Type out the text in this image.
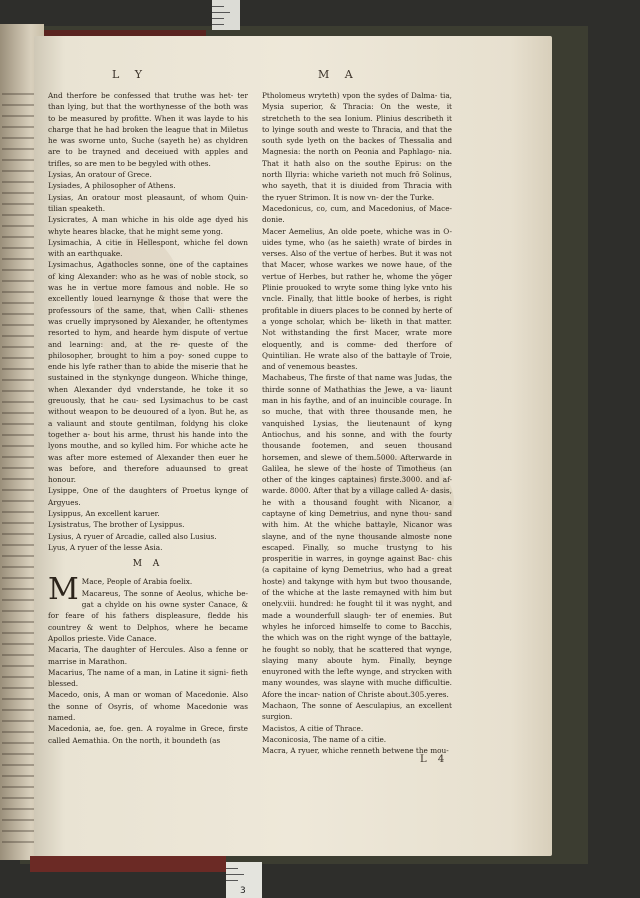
3
L Y	M A

And therfore be confessed that truthe was het- ter than lying, but that the worthynesse of the both was to be measured by profitte. When it was layde to his charge that he had broken the league that in Miletus he was sworne unto, Suche (sayeth he) as chyldren are to be trayned and deceiued with apples and trifles, so are men to be begyled with othes.

Lysias, An oratour of Grece.

Lysiades, A philosopher of Athens.

Lysias, An oratour most pleasaunt, of whom Quin- tilian speaketh.

Lysicrates, A man whiche in his olde age dyed his whyte heares blacke, that he might seme yong.

Lysimachia, A citie in Hellespont, whiche fel down with an earthquake.

Lysimachus, Agathocles sonne, one of the captaines of king Alexander: who as he was of noble stock, so was he in vertue more famous and noble. He so excellently loued learnynge & those that were the professours of the same, that, when Calli- sthenes was cruelly imprysoned by Alexander, he oftentymes resorted to hym, and hearde hym dispute of vertue and learning: and, at the re- queste of the philosopher, brought to him a poy- soned cuppe to ende his lyfe rather than to abide the miserie that he sustained in the stynkynge dungeon. Whiche thinge, when Alexander dyd vnderstande, he toke it so greuously, that he cau- sed Lysimachus to be cast without weapon to be deuoured of a lyon. But he, as a valiaunt and stoute gentilman, foldyng his cloke together a- bout his arme, thrust his hande into the lyons mouthe, and so kylled him. For whiche acte he was after more estemed of Alexander then euer he was before, and therefore aduaunsed to great honour.

Lysippe, One of the daughters of Proetus kynge of Argyues.

Lysippus, An excellent karuer.

Lysistratus, The brother of Lysippus.

Lysius, A ryuer of Arcadie, called also Lusius.

Lyus, A ryuer of the lesse Asia.

M A

M Mace, People of Arabia foelix.

Macareus, The sonne of Aeolus, whiche be- gat a chylde on his owne syster Canace, & for feare of his fathers displeasure, fledde his countrey & went to Delphos, where he became Apollos prieste. Vide Canace.

Macaria, The daughter of Hercules. Also a fenne or marrise in Marathon.

Macarius, The name of a man, in Latine it signi- fieth blessed.

Macedo, onis, A man or woman of Macedonie. Also the sonne of Osyris, of whome Macedonie was named.

Macedonia, ae, foe. gen. A royalme in Grece, firste called Aemathia. On the north, it boundeth (as

Ptholomeus wryteth) vpon the sydes of Dalma- tia, Mysia superior, & Thracia: On the weste, it stretcheth to the sea Ionium. Plinius describeth it to lyinge south and weste to Thracia, and that the south syde lyeth on the backes of Thessalia and Magnesia: the north on Peonia and Paphlago- nia. That it hath also on the southe Epirus: on the north Illyria: whiche varieth not much frō Solinus, who sayeth, that it is diuided from Thracia with the ryuer Strimon. It is now vn- der the Turke.

Macedonicus, co, cum, and Macedonius, of Mace- donie.

Macer Aemelius, An olde poete, whiche was in O- uides tyme, who (as he saieth) wrate of birdes in verses. Also of the vertue of herbes. But it was not that Macer, whose warkes we nowe haue, of the vertue of Herbes, but rather he, whome the yōger Plinie prouoked to wryte some thing lyke vnto his vncle. Finally, that little booke of herbes, is right profitable in diuers places to be conned by herte of a yonge scholar, which be- liketh in that matter. Not withstanding the first Macer, wrate more eloquently, and is comme- ded therfore of Quintilian. He wrate also of the battayle of Troie, and of venemous beastes.

Machabeus, The firste of that name was Judas, the thirde sonne of Mathathias the Jewe, a va- liaunt man in his faythe, and of an inuincible courage. In so muche, that with three thousande men, he vanquished Lysias, the lieutenaunt of kyng Antiochus, and his sonne, and with the fourty thousande footemen, and seuen thousand horsemen, and slewe of them.5000. Afterwarde in Galilea, he slewe of the hoste of Timotheus (an other of the kinges captaines) firste.3000. and af- warde. 8000. After that by a village called A- dasis, he with a thousand fought with Nicanor, a captayne of king Demetrius, and nyne thou- sand with him. At the whiche battayle, Nicanor was slayne, and of the nyne thousande almoste none escaped. Finally, so muche trustyng to his prosperitie in warres, in goynge against Bac- chis (a capitaine of kyng Demetrius, who had a great hoste) and takynge with hym but twoo thousande, of the whiche at the laste remayned with him but onely.viii. hundred: he fought til it was nyght, and made a wounderfull slaugh- ter of enemies. But whyles he inforced himselfe to come to Bacchis, the which was on the right wynge of the battayle, he fought so nobly, that he scattered that wynge, slaying many aboute hym. Finally, beynge enuyroned with the lefte wynge, and strycken with many woundes, was slayne with muche difficultie. Afore the incar- nation of Christe about.305.yeres.

Machaon, The sonne of Aesculapius, an excellent surgion.

Macistos, A citie of Thrace.

Maconicosia, The name of a citie.

Macra, A ryuer, whiche renneth betwene the mou-

L 4
